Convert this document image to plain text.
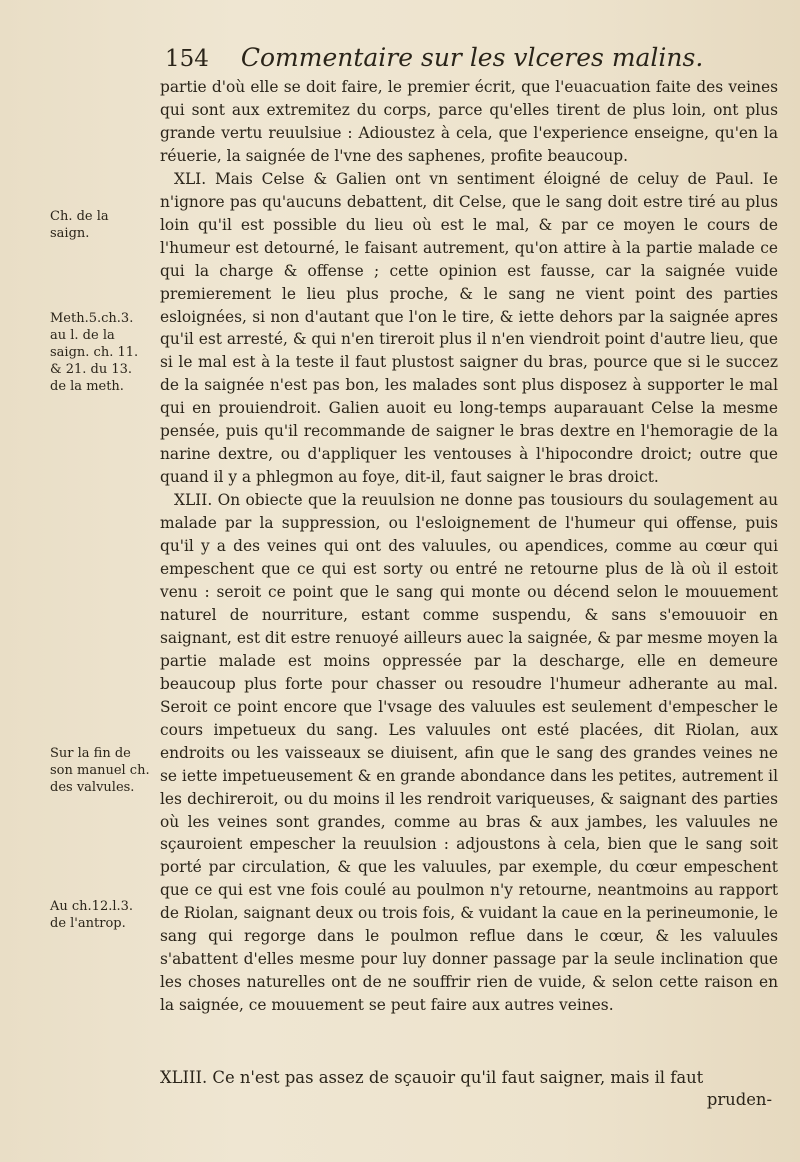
154 Commentaire sur les vlceres malins.
Ch. de la saign.
Meth.5.ch.3. au l. de la saign. ch. 11. & 21. du 13. de la meth.
Sur la fin de son manuel ch. des valvules.
Au ch.12.l.3. de l'antrop.

partie d'où elle se doit faire, le premier écrit, que l'euacuation faite des veines qui sont aux extremitez du corps, parce qu'elles tirent de plus loin, ont plus grande vertu reuulsiue : Adioustez à cela, que l'experience enseigne, qu'en la réuerie, la saignée de l'vne des saphenes, profite beaucoup.

XLI. Mais Celse & Galien ont vn sentiment éloigné de celuy de Paul. Ie n'ignore pas qu'aucuns debattent, dit Celse, que le sang doit estre tiré au plus loin qu'il est possible du lieu où est le mal, & par ce moyen le cours de l'humeur est detourné, le faisant autrement, qu'on attire à la partie malade ce qui la charge & offense ; cette opinion est fausse, car la saignée vuide premierement le lieu plus proche, & le sang ne vient point des parties esloignées, si non d'autant que l'on le tire, & iette dehors par la saignée apres qu'il est arresté, & qui n'en tireroit plus il n'en viendroit point d'autre lieu, que si le mal est à la teste il faut plustost saigner du bras, pource que si le succez de la saignée n'est pas bon, les malades sont plus disposez à supporter le mal qui en prouiendroit. Galien auoit eu long-temps auparauant Celse la mesme pensée, puis qu'il recommande de saigner le bras dextre en l'hemoragie de la narine dextre, ou d'appliquer les ventouses à l'hipocondre droict; outre que quand il y a phlegmon au foye, dit-il, faut saigner le bras droict.

XLII. On obiecte que la reuulsion ne donne pas tousiours du soulagement au malade par la suppression, ou l'esloignement de l'humeur qui offense, puis qu'il y a des veines qui ont des valuules, ou apendices, comme au cœur qui empeschent que ce qui est sorty ou entré ne retourne plus de là où il estoit venu : seroit ce point que le sang qui monte ou décend selon le mouuement naturel de nourriture, estant comme suspendu, & sans s'emouuoir en saignant, est dit estre renuoyé ailleurs auec la saignée, & par mesme moyen la partie malade est moins oppressée par la descharge, elle en demeure beaucoup plus forte pour chasser ou resoudre l'humeur adherante au mal. Seroit ce point encore que l'vsage des valuules est seulement d'empescher le cours impetueux du sang. Les valuules ont esté placées, dit Riolan, aux endroits ou les vaisseaux se diuisent, afin que le sang des grandes veines ne se iette impetueusement & en grande abondance dans les petites, autrement il les dechireroit, ou du moins il les rendroit variqueuses, & saignant des parties où les veines sont grandes, comme au bras & aux jambes, les valuules ne sçauroient empescher la reuulsion : adjoustons à cela, bien que le sang soit porté par circulation, & que les valuules, par exemple, du cœur empeschent que ce qui est vne fois coulé au poulmon n'y retourne, neantmoins au rapport de Riolan, saignant deux ou trois fois, & vuidant la caue en la perineumonie, le sang qui regorge dans le poulmon reflue dans le cœur, & les valuules s'abattent d'elles mesme pour luy donner passage par la seule inclination que les choses naturelles ont de ne souffrir rien de vuide, & selon cette raison en la saignée, ce mouuement se peut faire aux autres veines.

XLIII. Ce n'est pas assez de sçauoir qu'il faut saigner, mais il faut
pruden-
